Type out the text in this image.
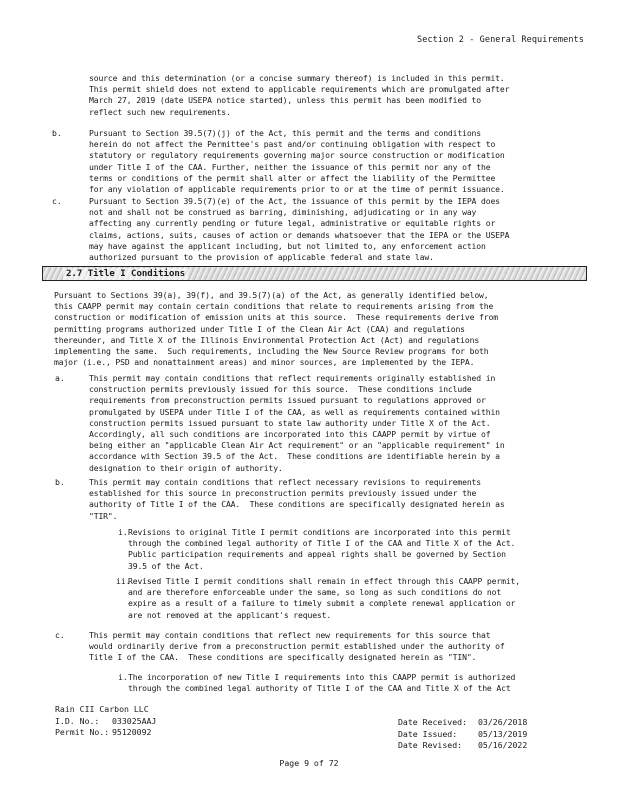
Section 2 - General Requirements
source and this determination (or a concise summary thereof) is included in this permit.
This permit shield does not extend to applicable requirements which are promulgated after
March 27, 2019 (date USEPA notice started), unless this permit has been modified to
reflect such new requirements.
b.	Pursuant to Section 39.5(7)(j) of the Act, this permit and the terms and conditions
herein do not affect the Permittee's past and/or continuing obligation with respect to
statutory or regulatory requirements governing major source construction or modification
under Title I of the CAA. Further, neither the issuance of this permit nor any of the
terms or conditions of the permit shall alter or affect the liability of the Permittee
for any violation of applicable requirements prior to or at the time of permit issuance.
c.	Pursuant to Section 39.5(7)(e) of the Act, the issuance of this permit by the IEPA does
not and shall not be construed as barring, diminishing, adjudicating or in any way
affecting any currently pending or future legal, administrative or equitable rights or
claims, actions, suits, causes of action or demands whatsoever that the IEPA or the USEPA
may have against the applicant including, but not limited to, any enforcement action
authorized pursuant to the provision of applicable federal and state law.
2.7 Title I Conditions
Pursuant to Sections 39(a), 39(f), and 39.5(7)(a) of the Act, as generally identified below,
this CAAPP permit may contain certain conditions that relate to requirements arising from the
construction or modification of emission units at this source.  These requirements derive from
permitting programs authorized under Title I of the Clean Air Act (CAA) and regulations
thereunder, and Title X of the Illinois Environmental Protection Act (Act) and regulations
implementing the same.  Such requirements, including the New Source Review programs for both
major (i.e., PSD and nonattainment areas) and minor sources, are implemented by the IEPA.
a.	This permit may contain conditions that reflect requirements originally established in
construction permits previously issued for this source.  These conditions include
requirements from preconstruction permits issued pursuant to regulations approved or
promulgated by USEPA under Title I of the CAA, as well as requirements contained within
construction permits issued pursuant to state law authority under Title X of the Act.
Accordingly, all such conditions are incorporated into this CAAPP permit by virtue of
being either an "applicable Clean Air Act requirement" or an "applicable requirement" in
accordance with Section 39.5 of the Act.  These conditions are identifiable herein by a
designation to their origin of authority.
b.	This permit may contain conditions that reflect necessary revisions to requirements
established for this source in preconstruction permits previously issued under the
authority of Title I of the CAA.  These conditions are specifically designated herein as
"TIR".
i. Revisions to original Title I permit conditions are incorporated into this permit
through the combined legal authority of Title I of the CAA and Title X of the Act.
Public participation requirements and appeal rights shall be governed by Section
39.5 of the Act.
ii.
Revised Title I permit conditions shall remain in effect through this CAAPP permit,
and are therefore enforceable under the same, so long as such conditions do not
expire as a result of a failure to timely submit a complete renewal application or
are not removed at the applicant's request.
c.	This permit may contain conditions that reflect new requirements for this source that
would ordinarily derive from a preconstruction permit established under the authority of
Title I of the CAA.  These conditions are specifically designated herein as "TIN".
i. The incorporation of new Title I requirements into this CAAPP permit is authorized
through the combined legal authority of Title I of the CAA and Title X of the Act
Rain CII Carbon LLC
I.D. No.: 033025AAJ
Permit No.: 95120092
Date Received: 03/26/2018
Date Issued:	05/13/2019
Date Revised: 05/16/2022
Page 9 of 72
